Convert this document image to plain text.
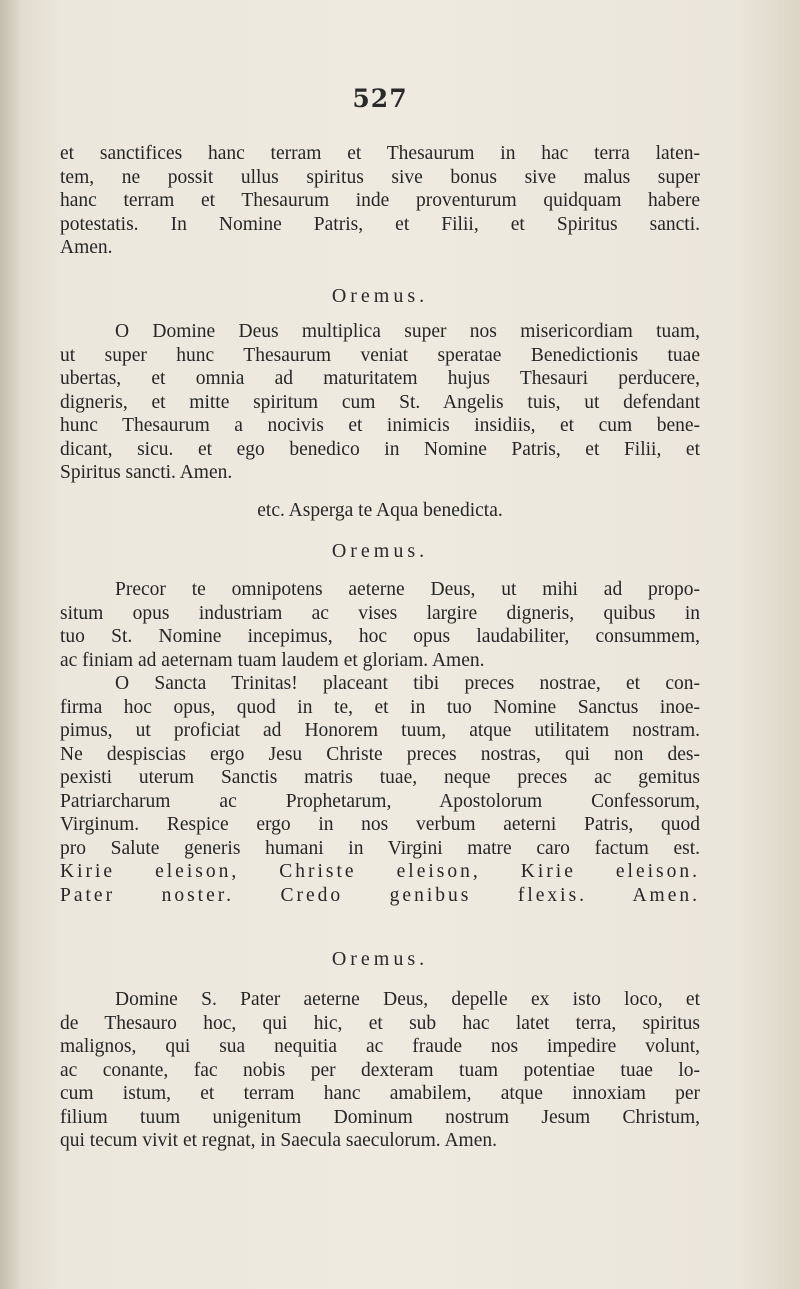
527
et sanctifices hanc terram et Thesaurum in hac terra laten-
tem, ne possit ullus spiritus sive bonus sive malus super
hanc terram et Thesaurum inde proventurum quidquam habere
potestatis. In Nomine Patris, et Filii, et Spiritus sancti.
Amen.
Oremus.
O Domine Deus multiplica super nos misericordiam tuam,
ut super hunc Thesaurum veniat speratae Benedictionis tuae
ubertas, et omnia ad maturitatem hujus Thesauri perducere,
digneris, et mitte spiritum cum St. Angelis tuis, ut defendant
hunc Thesaurum a nocivis et inimicis insidiis, et cum bene-
dicant, sicu. et ego benedico in Nomine Patris, et Filii, et
Spiritus sancti. Amen.
etc. Asperga te Aqua benedicta.
Oremus.
Precor te omnipotens aeterne Deus, ut mihi ad propo-
situm opus industriam ac vises largire digneris, quibus in
tuo St. Nomine incepimus, hoc opus laudabiliter, consummem,
ac finiam ad aeternam tuam laudem et gloriam. Amen.
O Sancta Trinitas! placeant tibi preces nostrae, et con-
firma hoc opus, quod in te, et in tuo Nomine Sanctus inoe-
pimus, ut proficiat ad Honorem tuum, atque utilitatem nostram.
Ne despiscias ergo Jesu Christe preces nostras, qui non des-
pexisti uterum Sanctis matris tuae, neque preces ac gemitus
Patriarcharum ac Prophetarum, Apostolorum Confessorum,
Virginum. Respice ergo in nos verbum aeterni Patris, quod
pro Salute generis humani in Virgini matre caro factum est.
Kirie eleison, Christe eleison, Kirie eleison.
Pater noster. Credo genibus flexis. Amen.
Oremus.
Domine S. Pater aeterne Deus, depelle ex isto loco, et
de Thesauro hoc, qui hic, et sub hac latet terra, spiritus
malignos, qui sua nequitia ac fraude nos impedire volunt,
ac conante, fac nobis per dexteram tuam potentiae tuae lo-
cum istum, et terram hanc amabilem, atque innoxiam per
filium tuum unigenitum Dominum nostrum Jesum Christum,
qui tecum vivit et regnat, in Saecula saeculorum. Amen.
